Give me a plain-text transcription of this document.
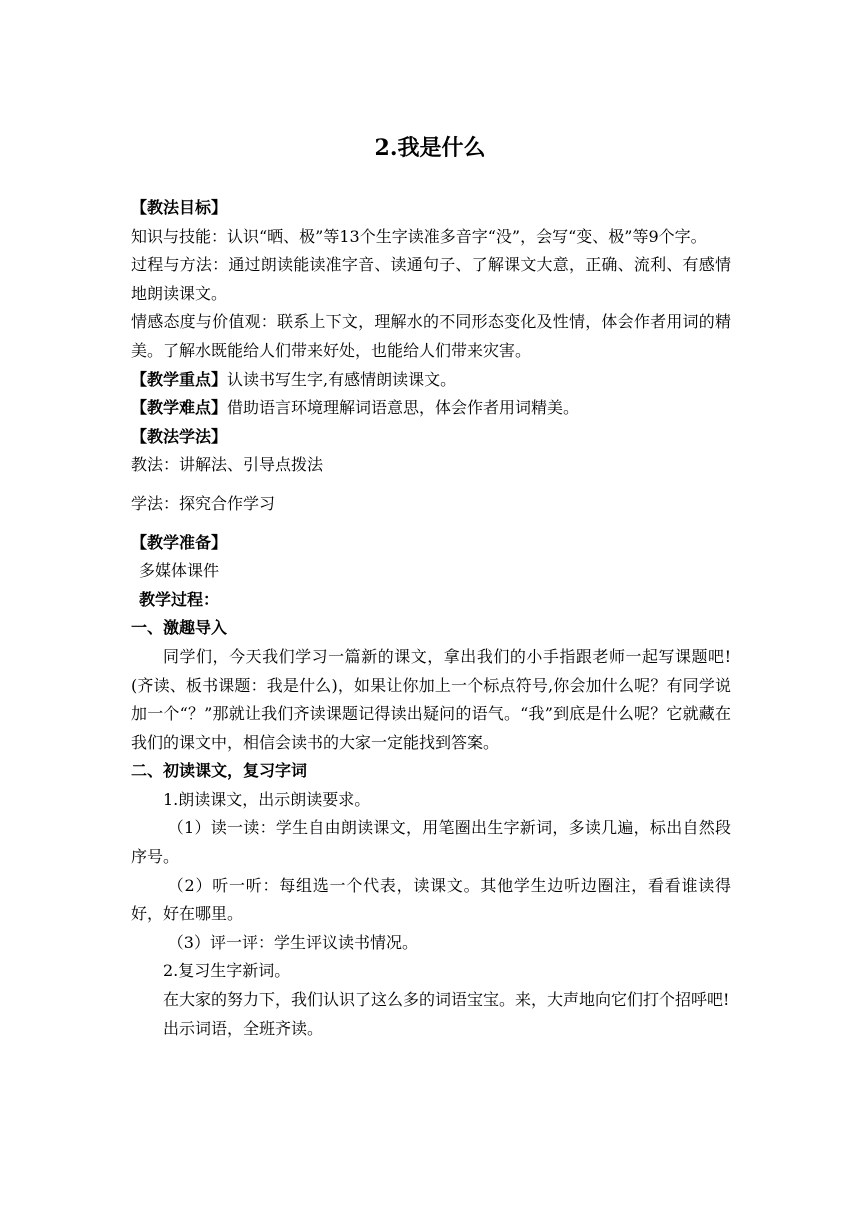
2.我是什么

【教法目标】

知识与技能：认识“晒、极”等13个生字读准多音字“没”，会写“变、极”等9个字。

过程与方法：通过朗读能读准字音、读通句子、了解课文大意，正确、流利、有感情地朗读课文。

情感态度与价值观：联系上下文，理解水的不同形态变化及性情，体会作者用词的精美。了解水既能给人们带来好处，也能给人们带来灾害。

【教学重点】认读书写生字,有感情朗读课文。

【教学难点】借助语言环境理解词语意思，体会作者用词精美。

【教法学法】

教法：讲解法、引导点拨法

学法：探究合作学习

【教学准备】

多媒体课件

教学过程：

一、激趣导入

同学们，今天我们学习一篇新的课文，拿出我们的小手指跟老师一起写课题吧!(齐读、板书课题：我是什么)，如果让你加上一个标点符号,你会加什么呢？有同学说加一个“？”那就让我们齐读课题记得读出疑问的语气。“我”到底是什么呢？它就藏在我们的课文中，相信会读书的大家一定能找到答案。

二、初读课文，复习字词

1.朗读课文，出示朗读要求。

（1）读一读：学生自由朗读课文，用笔圈出生字新词，多读几遍，标出自然段序号。

（2）听一听：每组选一个代表，读课文。其他学生边听边圈注，看看谁读得好，好在哪里。

（3）评一评：学生评议读书情况。

2.复习生字新词。

在大家的努力下，我们认识了这么多的词语宝宝。来，大声地向它们打个招呼吧!

出示词语，全班齐读。
